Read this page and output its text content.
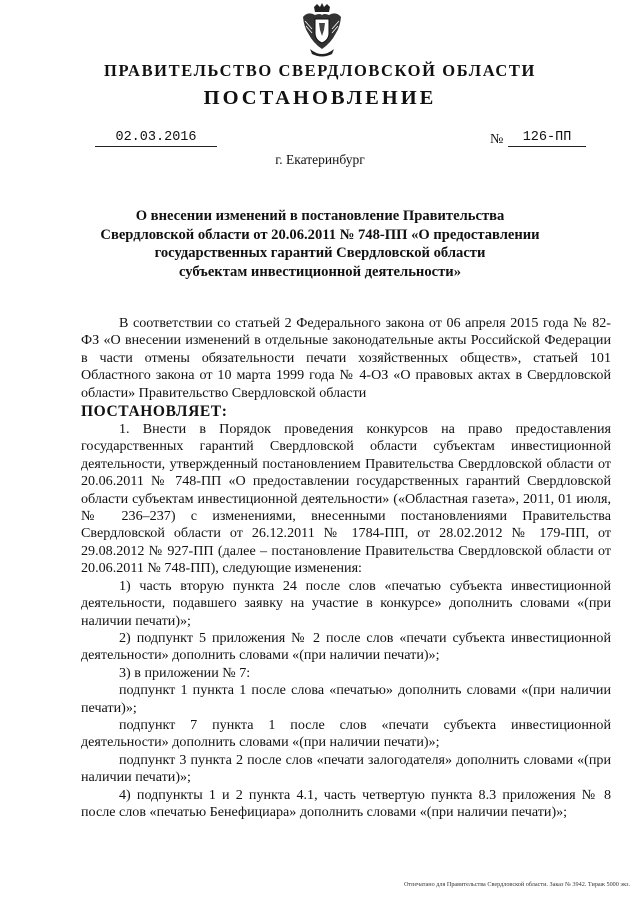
ПРАВИТЕЛЬСТВО СВЕРДЛОВСКОЙ ОБЛАСТИ
ПОСТАНОВЛЕНИЕ
02.03.2016	№	126-ПП
г. Екатеринбург
О внесении изменений в постановление Правительства
Свердловской области от 20.06.2011 № 748-ПП «О предоставлении
государственных гарантий Свердловской области
субъектам инвестиционной деятельности»

В соответствии со статьей 2 Федерального закона от 06 апреля 2015 года № 82-ФЗ «О внесении изменений в отдельные законодательные акты Российской Федерации в части отмены обязательности печати хозяйственных обществ», статьей 101 Областного закона от 10 марта 1999 года № 4-ОЗ «О правовых актах в Свердловской области» Правительство Свердловской области

ПОСТАНОВЛЯЕТ:

1. Внести в Порядок проведения конкурсов на право предоставления государственных гарантий Свердловской области субъектам инвестиционной деятельности, утвержденный постановлением Правительства Свердловской области от 20.06.2011 № 748-ПП «О предоставлении государственных гарантий Свердловской области субъектам инвестиционной деятельности» («Областная газета», 2011, 01 июля, № 236–237) с изменениями, внесенными постановлениями Правительства Свердловской области от 26.12.2011 № 1784-ПП, от 28.02.2012 № 179-ПП, от 29.08.2012 № 927-ПП (далее – постановление Правительства Свердловской области от 20.06.2011 № 748-ПП), следующие изменения:

1) часть вторую пункта 24 после слов «печатью субъекта инвестиционной деятельности, подавшего заявку на участие в конкурсе» дополнить словами «(при наличии печати)»;

2) подпункт 5 приложения № 2 после слов «печати субъекта инвестиционной деятельности» дополнить словами «(при наличии печати)»;

3) в приложении № 7:

подпункт 1 пункта 1 после слова «печатью» дополнить словами «(при наличии печати)»;

подпункт 7 пункта 1 после слов «печати субъекта инвестиционной деятельности» дополнить словами «(при наличии печати)»;

подпункт 3 пункта 2 после слов «печати залогодателя» дополнить словами «(при наличии печати)»;

4) подпункты 1 и 2 пункта 4.1, часть четвертую пункта 8.3 приложения № 8 после слов «печатью Бенефициара» дополнить словами «(при наличии печати)»;

Отпечатано для Правительства Свердловской области. Заказ № 3942. Тираж 5000 экз.
